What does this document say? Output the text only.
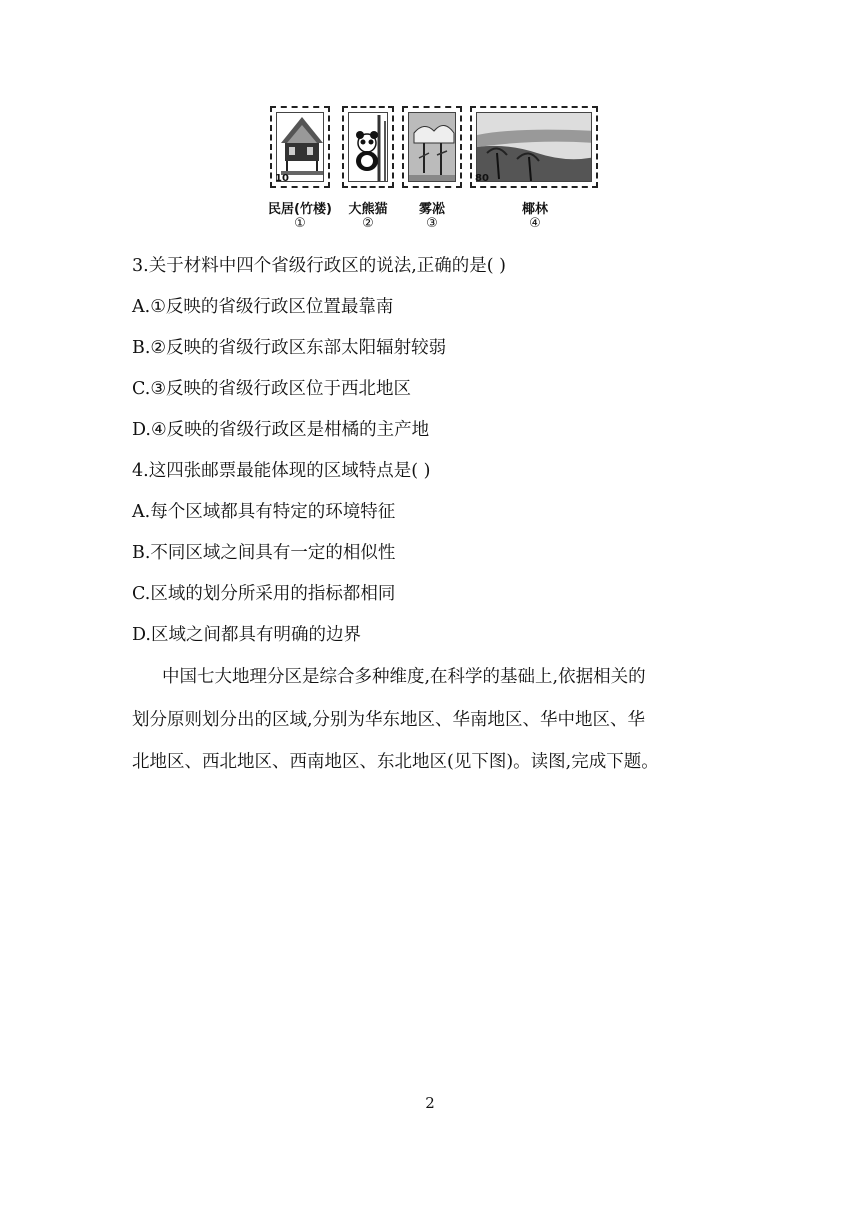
10	80
民居(竹楼)	大熊猫	雾凇	椰林
①	②	③	④
3.关于材料中四个省级行政区的说法,正确的是( )
A.①反映的省级行政区位置最靠南
B.②反映的省级行政区东部太阳辐射较弱
C.③反映的省级行政区位于西北地区
D.④反映的省级行政区是柑橘的主产地
4.这四张邮票最能体现的区域特点是( )
A.每个区域都具有特定的环境特征
B.不同区域之间具有一定的相似性
C.区域的划分所采用的指标都相同
D.区域之间都具有明确的边界
中国七大地理分区是综合多种维度,在科学的基础上,依据相关的
划分原则划分出的区域,分别为华东地区、华南地区、华中地区、华
北地区、西北地区、西南地区、东北地区(见下图)。读图,完成下题。
2
